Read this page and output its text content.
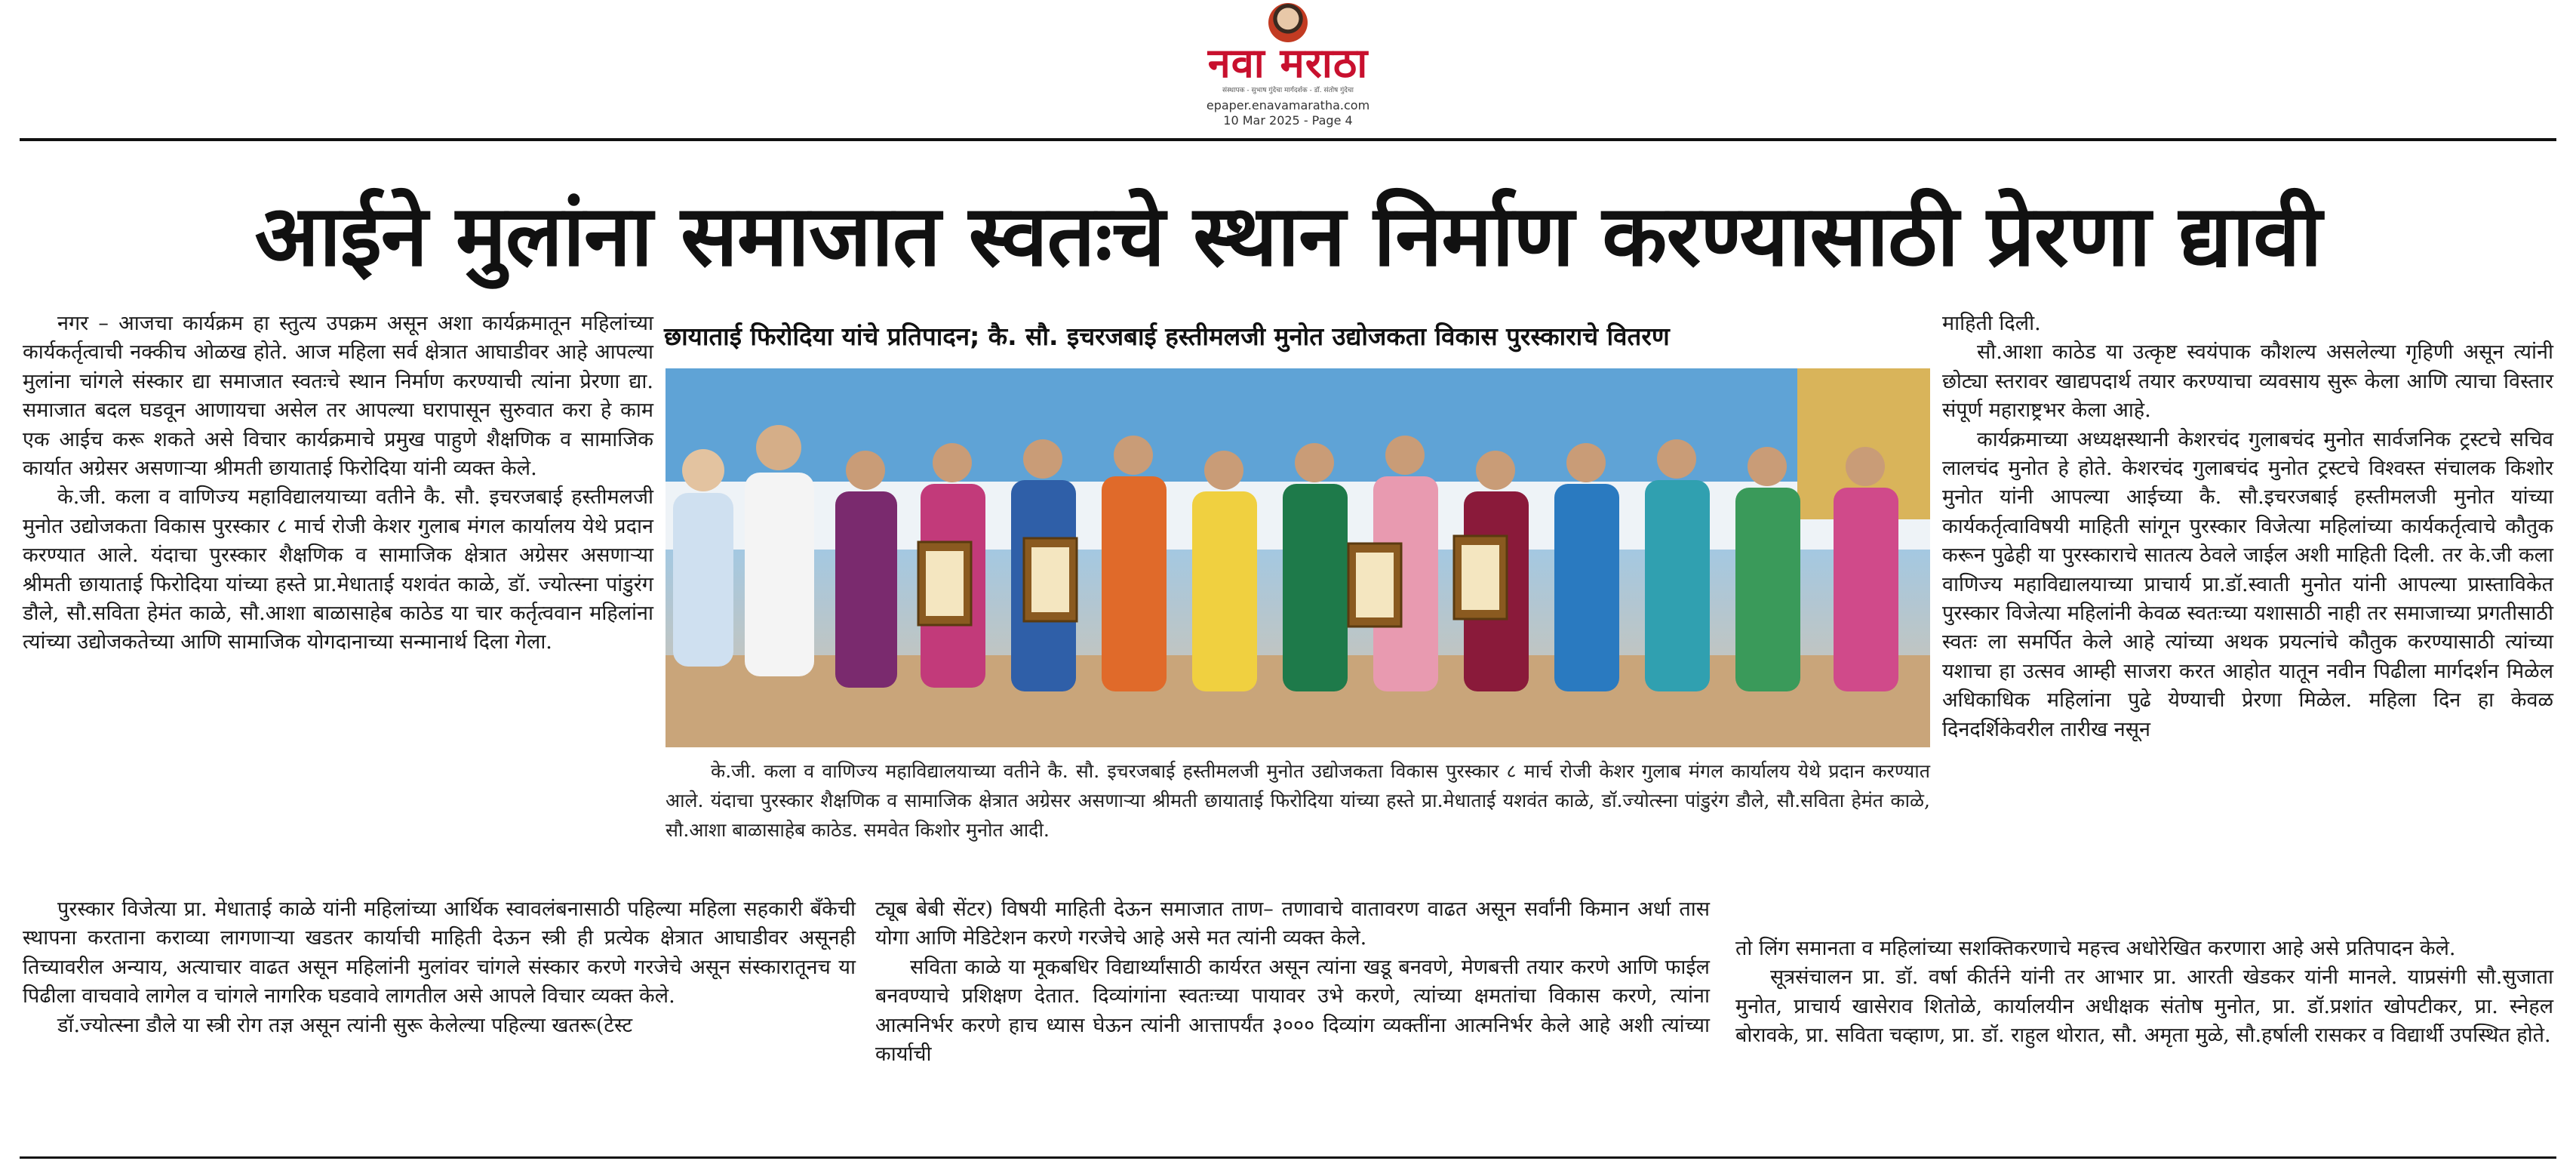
नवा मराठा
संस्थापक - सुभाष गुंदेचा मार्गदर्शक - डॉ. संतोष गुंदेचा
epaper.enavamaratha.com
10 Mar 2025 - Page 4
आईने मुलांना समाजात स्वतःचे स्थान निर्माण करण्यासाठी प्रेरणा द्यावी

नगर – आजचा कार्यक्रम हा स्तुत्य उपक्रम असून अशा कार्यक्रमातून महिलांच्या कार्यकर्तृत्वाची नक्कीच ओळख होते. आज महिला सर्व क्षेत्रात आघाडीवर आहे आपल्या मुलांना चांगले संस्कार द्या समाजात स्वतःचे स्थान निर्माण करण्याची त्यांना प्रेरणा द्या. समाजात बदल घडवून आणायचा असेल तर आपल्या घरापासून सुरुवात करा हे काम एक आईच करू शकते असे विचार कार्यक्रमाचे प्रमुख पाहुणे शैक्षणिक व सामाजिक कार्यात अग्रेसर असणाऱ्या श्रीमती छायाताई फिरोदिया यांनी व्यक्त केले.

के.जी. कला व वाणिज्य महाविद्यालयाच्या वतीने कै. सौ. इचरजबाई हस्तीमलजी मुनोत उद्योजकता विकास पुरस्कार ८ मार्च रोजी केशर गुलाब मंगल कार्यालय येथे प्रदान करण्यात आले. यंदाचा पुरस्कार शैक्षणिक व सामाजिक क्षेत्रात अग्रेसर असणाऱ्या श्रीमती छायाताई फिरोदिया यांच्या हस्ते प्रा.मेधाताई यशवंत काळे, डॉ. ज्योत्स्ना पांडुरंग डौले, सौ.सविता हेमंत काळे, सौ.आशा बाळासाहेब काठेड या चार कर्तृत्ववान महिलांना त्यांच्या उद्योजकतेच्या आणि सामाजिक योगदानाच्या सन्मानार्थ दिला गेला.

छायाताई फिरोदिया यांचे प्रतिपादन; कै. सौ. इचरजबाई हस्तीमलजी मुनोत उद्योजकता विकास पुरस्काराचे वितरण

के.जी. कला व वाणिज्य महाविद्यालयाच्या वतीने कै. सौ. इचरजबाई हस्तीमलजी मुनोत उद्योजकता विकास पुरस्कार ८ मार्च रोजी केशर गुलाब मंगल कार्यालय येथे प्रदान करण्यात आले. यंदाचा पुरस्कार शैक्षणिक व सामाजिक क्षेत्रात अग्रेसर असणाऱ्या श्रीमती छायाताई फिरोदिया यांच्या हस्ते प्रा.मेधाताई यशवंत काळे, डॉ.ज्योत्स्ना पांडुरंग डौले, सौ.सविता हेमंत काळे, सौ.आशा बाळासाहेब काठेड. समवेत किशोर मुनोत आदी.

माहिती दिली.

सौ.आशा काठेड या उत्कृष्ट स्वयंपाक कौशल्य असलेल्या गृहिणी असून त्यांनी छोट्या स्तरावर खाद्यपदार्थ तयार करण्याचा व्यवसाय सुरू केला आणि त्याचा विस्तार संपूर्ण महाराष्ट्रभर केला आहे.

कार्यक्रमाच्या अध्यक्षस्थानी केशरचंद गुलाबचंद मुनोत सार्वजनिक ट्रस्टचे सचिव लालचंद मुनोत हे होते. केशरचंद गुलाबचंद मुनोत ट्रस्टचे विश्वस्त संचालक किशोर मुनोत यांनी आपल्या आईच्या कै. सौ.इचरजबाई हस्तीमलजी मुनोत यांच्या कार्यकर्तृत्वाविषयी माहिती सांगून पुरस्कार विजेत्या महिलांच्या कार्यकर्तृत्वाचे कौतुक करून पुढेही या पुरस्काराचे सातत्य ठेवले जाईल अशी माहिती दिली. तर के.जी कला वाणिज्य महाविद्यालयाच्या प्राचार्य प्रा.डॉ.स्वाती मुनोत यांनी आपल्या प्रास्ताविकेत पुरस्कार विजेत्या महिलांनी केवळ स्वतःच्या यशासाठी नाही तर समाजाच्या प्रगतीसाठी स्वतः ला समर्पित केले आहे त्यांच्या अथक प्रयत्नांचे कौतुक करण्यासाठी त्यांच्या यशाचा हा उत्सव आम्ही साजरा करत आहोत यातून नवीन पिढीला मार्गदर्शन मिळेल अधिकाधिक महिलांना पुढे येण्याची प्रेरणा मिळेल. महिला दिन हा केवळ दिनदर्शिकेवरील तारीख नसून

पुरस्कार विजेत्या प्रा. मेधाताई काळे यांनी महिलांच्या आर्थिक स्वावलंबनासाठी पहिल्या महिला सहकारी बँकेची स्थापना करताना कराव्या लागणाऱ्या खडतर कार्याची माहिती देऊन स्त्री ही प्रत्येक क्षेत्रात आघाडीवर असूनही तिच्यावरील अन्याय, अत्याचार वाढत असून महिलांनी मुलांवर चांगले संस्कार करणे गरजेचे असून संस्कारातूनच या पिढीला वाचवावे लागेल व चांगले नागरिक घडवावे लागतील असे आपले विचार व्यक्त केले.

डॉ.ज्योत्स्ना डौले या स्त्री रोग तज्ञ असून त्यांनी सुरू केलेल्या पहिल्या खतरू(टेस्ट

ट्यूब बेबी सेंटर) विषयी माहिती देऊन समाजात ताण– तणावाचे वातावरण वाढत असून सर्वांनी किमान अर्धा तास योगा आणि मेडिटेशन करणे गरजेचे आहे असे मत त्यांनी व्यक्त केले.

सविता काळे या मूकबधिर विद्यार्थ्यांसाठी कार्यरत असून त्यांना खडू बनवणे, मेणबत्ती तयार करणे आणि फाईल बनवण्याचे प्रशिक्षण देतात. दिव्यांगांना स्वतःच्या पायावर उभे करणे, त्यांच्या क्षमतांचा विकास करणे, त्यांना आत्मनिर्भर करणे हाच ध्यास घेऊन त्यांनी आत्तापर्यंत ३००० दिव्यांग व्यक्तींना आत्मनिर्भर केले आहे अशी त्यांच्या कार्याची

तो लिंग समानता व महिलांच्या सशक्तिकरणाचे महत्त्व अधोरेखित करणारा आहे असे प्रतिपादन केले.

सूत्रसंचालन प्रा. डॉ. वर्षा कीर्तने यांनी तर आभार प्रा. आरती खेडकर यांनी मानले. याप्रसंगी सौ.सुजाता मुनोत, प्राचार्य खासेराव शितोळे, कार्यालयीन अधीक्षक संतोष मुनोत, प्रा. डॉ.प्रशांत खोपटीकर, प्रा. स्नेहल बोरावके, प्रा. सविता चव्हाण, प्रा. डॉ. राहुल थोरात, सौ. अमृता मुळे, सौ.हर्षाली रासकर व विद्यार्थी उपस्थित होते.
